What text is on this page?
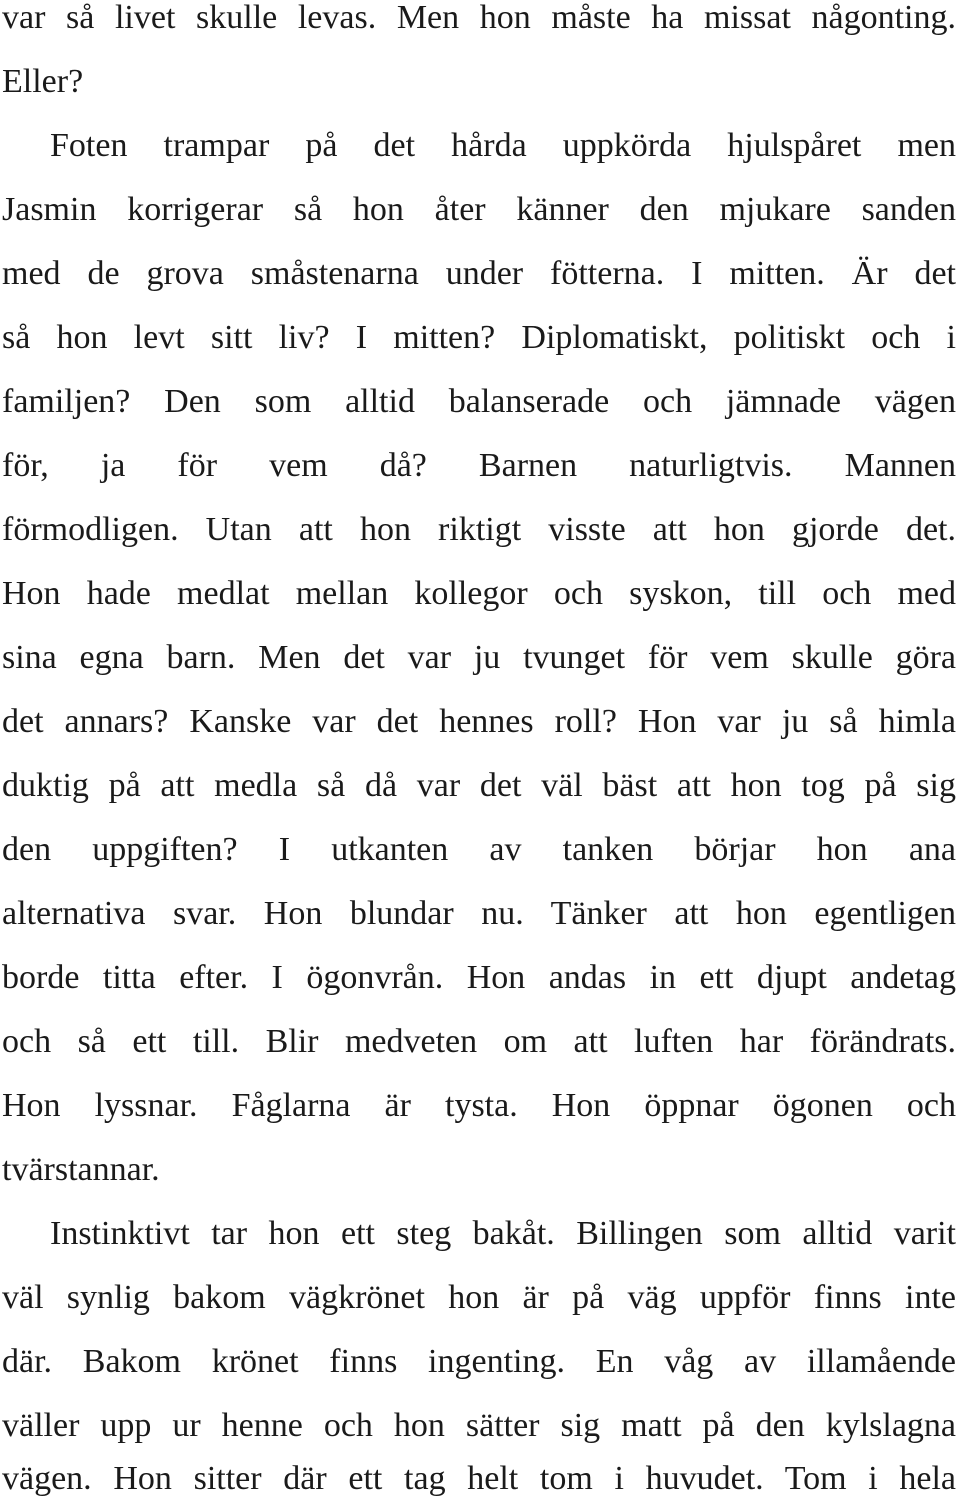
var så livet skulle levas. Men hon måste ha missat någonting.
Eller?
Foten trampar på det hårda uppkörda hjulspåret men
Jasmin korrigerar så hon åter känner den mjukare sanden
med de grova småstenarna under fötterna. I mitten. Är det
så hon levt sitt liv? I mitten? Diplomatiskt, politiskt och i
familjen? Den som alltid balanserade och jämnade vägen
för, ja för vem då? Barnen naturligtvis. Mannen
förmodligen. Utan att hon riktigt visste att hon gjorde det.
Hon hade medlat mellan kollegor och syskon, till och med
sina egna barn. Men det var ju tvunget för vem skulle göra
det annars? Kanske var det hennes roll? Hon var ju så himla
duktig på att medla så då var det väl bäst att hon tog på sig
den uppgiften? I utkanten av tanken börjar hon ana
alternativa svar. Hon blundar nu. Tänker att hon egentligen
borde titta efter. I ögonvrån. Hon andas in ett djupt andetag
och så ett till. Blir medveten om att luften har förändrats.
Hon lyssnar. Fåglarna är tysta. Hon öppnar ögonen och
tvärstannar.
Instinktivt tar hon ett steg bakåt. Billingen som alltid varit
väl synlig bakom vägkrönet hon är på väg uppför finns inte
där. Bakom krönet finns ingenting. En våg av illamående
väller upp ur henne och hon sätter sig matt på den kylslagna
vägen. Hon sitter där ett tag helt tom i huvudet. Tom i hela
